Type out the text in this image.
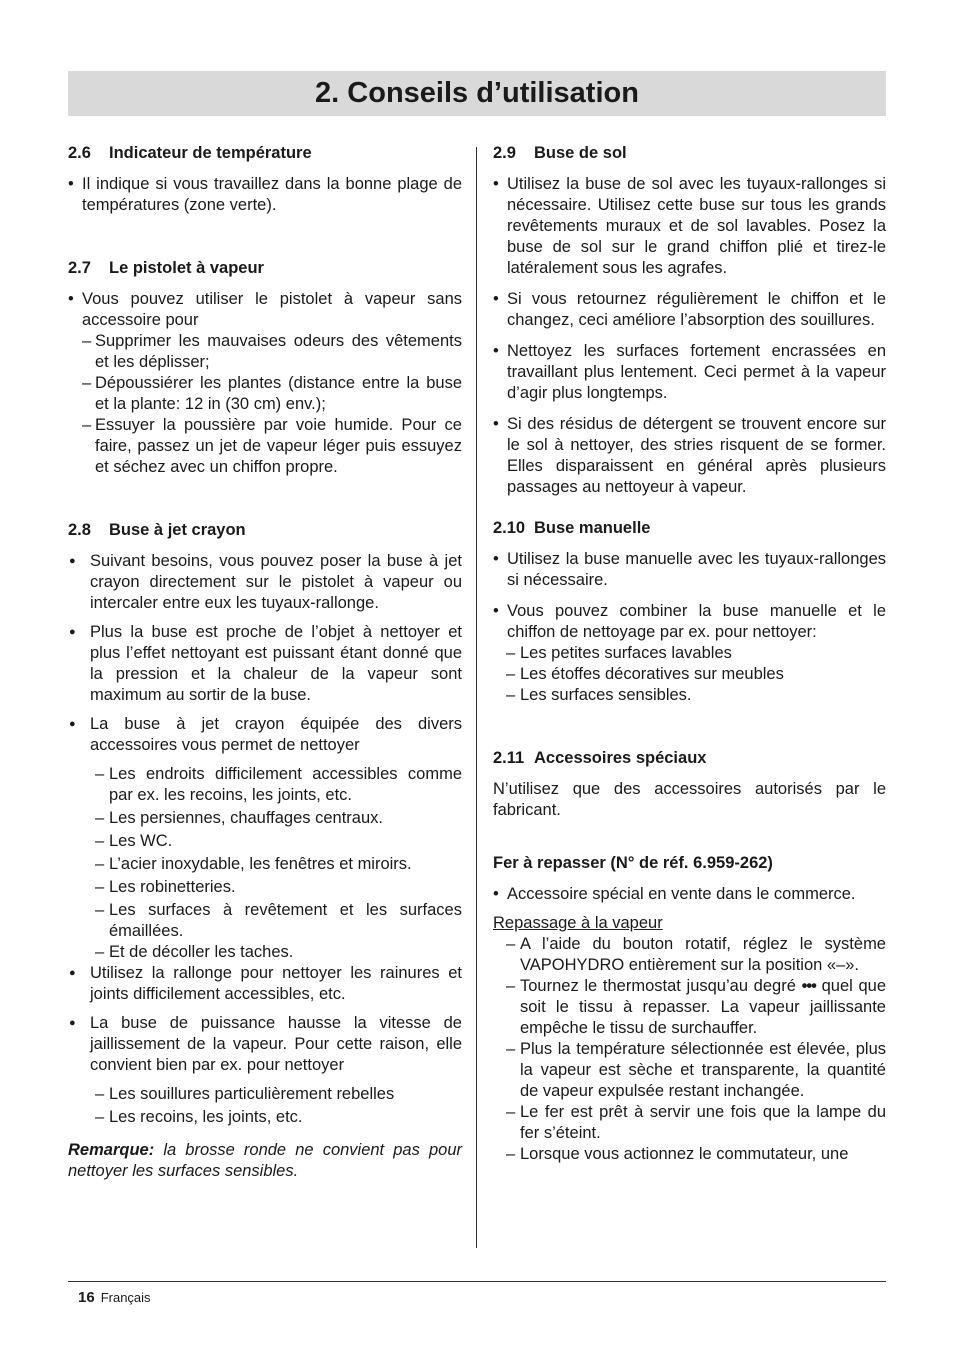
2. Conseils d’utilisation
2.6 Indicateur de température
• Il indique si vous travaillez dans la bonne plage de températures (zone verte).
2.7 Le pistolet à vapeur
• Vous pouvez utiliser le pistolet à vapeur sans accessoire pour
– Supprimer les mauvaises odeurs des vêtements et les déplisser;
– Dépoussiérer les plantes (distance entre la buse et la plante: 12 in (30 cm) env.);
– Essuyer la poussière par voie humide. Pour ce faire, passez un jet de vapeur léger puis essuyez et séchez avec un chiffon propre.
2.8 Buse à jet crayon
● Suivant besoins, vous pouvez poser la buse à jet crayon directement sur le pistolet à vapeur ou intercaler entre eux les tuyaux-rallonge.
● Plus la buse est proche de l’objet à nettoyer et plus l’effet nettoyant est puissant étant donné que la pression et la chaleur de la vapeur sont maximum au sortir de la buse.
● La buse à jet crayon équipée des divers accessoires vous permet de nettoyer
– Les endroits difficilement accessibles comme par ex. les recoins, les joints, etc.
– Les persiennes, chauffages centraux.
– Les WC.
– L’acier inoxydable, les fenêtres et miroirs.
– Les robinetteries.
– Les surfaces à revêtement et les surfaces émaillées.
– Et de décoller les taches.
● Utilisez la rallonge pour nettoyer les rainures et joints difficilement accessibles, etc.
● La buse de puissance hausse la vitesse de jaillissement de la vapeur. Pour cette raison, elle convient bien par ex. pour nettoyer
– Les souillures particulièrement rebelles
– Les recoins, les joints, etc.

Remarque: la brosse ronde ne convient pas pour nettoyer les surfaces sensibles.

2.9 Buse de sol
• Utilisez la buse de sol avec les tuyaux-rallonges si nécessaire. Utilisez cette buse sur tous les grands revêtements muraux et de sol lavables. Posez la buse de sol sur le grand chiffon plié et tirez-le latéralement sous les agrafes.
• Si vous retournez régulièrement le chiffon et le changez, ceci améliore l’absorption des souillures.
• Nettoyez les surfaces fortement encrassées en travaillant plus lentement. Ceci permet à la vapeur d’agir plus longtemps.
• Si des résidus de détergent se trouvent encore sur le sol à nettoyer, des stries risquent de se former. Elles disparaissent en général après plusieurs passages au nettoyeur à vapeur.
2.10 Buse manuelle
• Utilisez la buse manuelle avec les tuyaux-rallonges si nécessaire.
• Vous pouvez combiner la buse manuelle et le chiffon de nettoyage par ex. pour nettoyer:
– Les petites surfaces lavables
– Les étoffes décoratives sur meubles
– Les surfaces sensibles.
2.11 Accessoires spéciaux

N’utilisez que des accessoires autorisés par le fabricant.

Fer à repasser (N° de réf. 6.959-262)
• Accessoire spécial en vente dans le commerce.

Repassage à la vapeur

– A l’aide du bouton rotatif, réglez le système VAPOHYDRO entièrement sur la position «–».
– Tournez le thermostat jusqu’au degré ••• quel que soit le tissu à repasser. La vapeur jaillissante empêche le tissu de surchauffer.
– Plus la température sélectionnée est élevée, plus la vapeur est sèche et transparente, la quantité de vapeur expulsée restant inchangée.
– Le fer est prêt à servir une fois que la lampe du fer s’éteint.
– Lorsque vous actionnez le commutateur, une
16 Français
